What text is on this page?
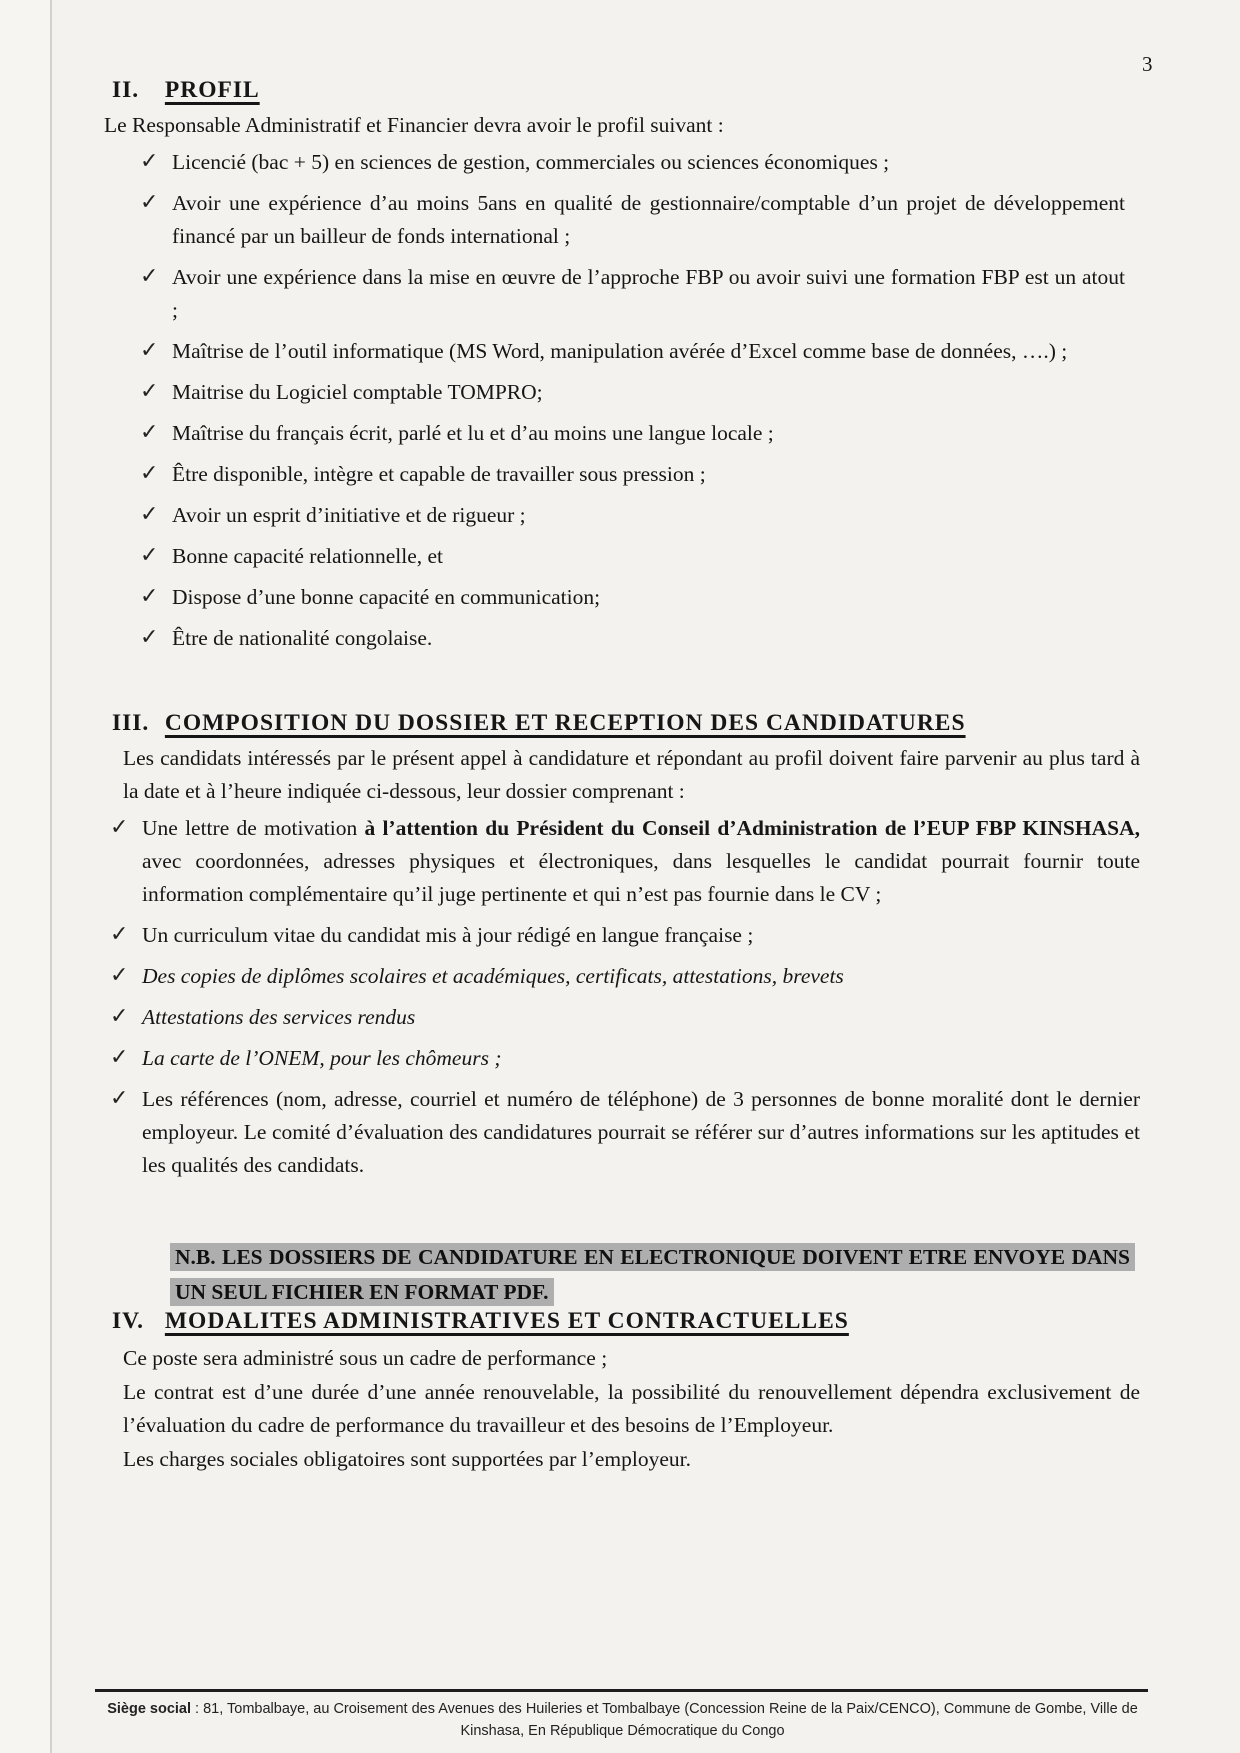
3
II. PROFIL

Le Responsable Administratif et Financier devra avoir le profil suivant :

✓ Licencié (bac + 5) en sciences de gestion, commerciales ou sciences économiques ;
✓ Avoir une expérience d’au moins 5ans en qualité de gestionnaire/comptable d’un projet de développement financé par un bailleur de fonds international ;
✓ Avoir une expérience dans la mise en œuvre de l’approche FBP ou avoir suivi une formation FBP est un atout ;
✓ Maîtrise de l’outil informatique (MS Word, manipulation avérée d’Excel comme base de données, ….) ;
✓ Maitrise du Logiciel comptable TOMPRO;
✓ Maîtrise du français écrit, parlé et lu et d’au moins une langue locale ;
✓ Être disponible, intègre et capable de travailler sous pression ;
✓ Avoir un esprit d’initiative et de rigueur ;
✓ Bonne capacité relationnelle, et
✓ Dispose d’une bonne capacité en communication;
✓ Être de nationalité congolaise.
III. COMPOSITION DU DOSSIER ET RECEPTION DES CANDIDATURES

Les candidats intéressés par le présent appel à candidature et répondant au profil doivent faire parvenir au plus tard à la date et à l’heure indiquée ci-dessous, leur dossier comprenant :

✓ Une lettre de motivation à l’attention du Président du Conseil d’Administration de l’EUP FBP KINSHASA, avec coordonnées, adresses physiques et électroniques, dans lesquelles le candidat pourrait fournir toute information complémentaire qu’il juge pertinente et qui n’est pas fournie dans le CV ;
✓ Un curriculum vitae du candidat mis à jour rédigé en langue française ;
✓ Des copies de diplômes scolaires et académiques, certificats, attestations, brevets
✓ Attestations des services rendus
✓ La carte de l’ONEM, pour les chômeurs ;
✓ Les références (nom, adresse, courriel et numéro de téléphone) de 3 personnes de bonne moralité dont le dernier employeur. Le comité d’évaluation des candidatures pourrait se référer sur d’autres informations sur les aptitudes et les qualités des candidats.
N.B. LES DOSSIERS DE CANDIDATURE EN ELECTRONIQUE DOIVENT ETRE ENVOYE DANS UN SEUL FICHIER EN FORMAT PDF.
IV. MODALITES ADMINISTRATIVES ET CONTRACTUELLES

Ce poste sera administré sous un cadre de performance ;

Le contrat est d’une durée d’une année renouvelable, la possibilité du renouvellement dépendra exclusivement de l’évaluation du cadre de performance du travailleur et des besoins de l’Employeur.

Les charges sociales obligatoires sont supportées par l’employeur.

Siège social : 81, Tombalbaye, au Croisement des Avenues des Huileries et Tombalbaye (Concession Reine de la Paix/CENCO), Commune de Gombe, Ville de Kinshasa, En République Démocratique du Congo
